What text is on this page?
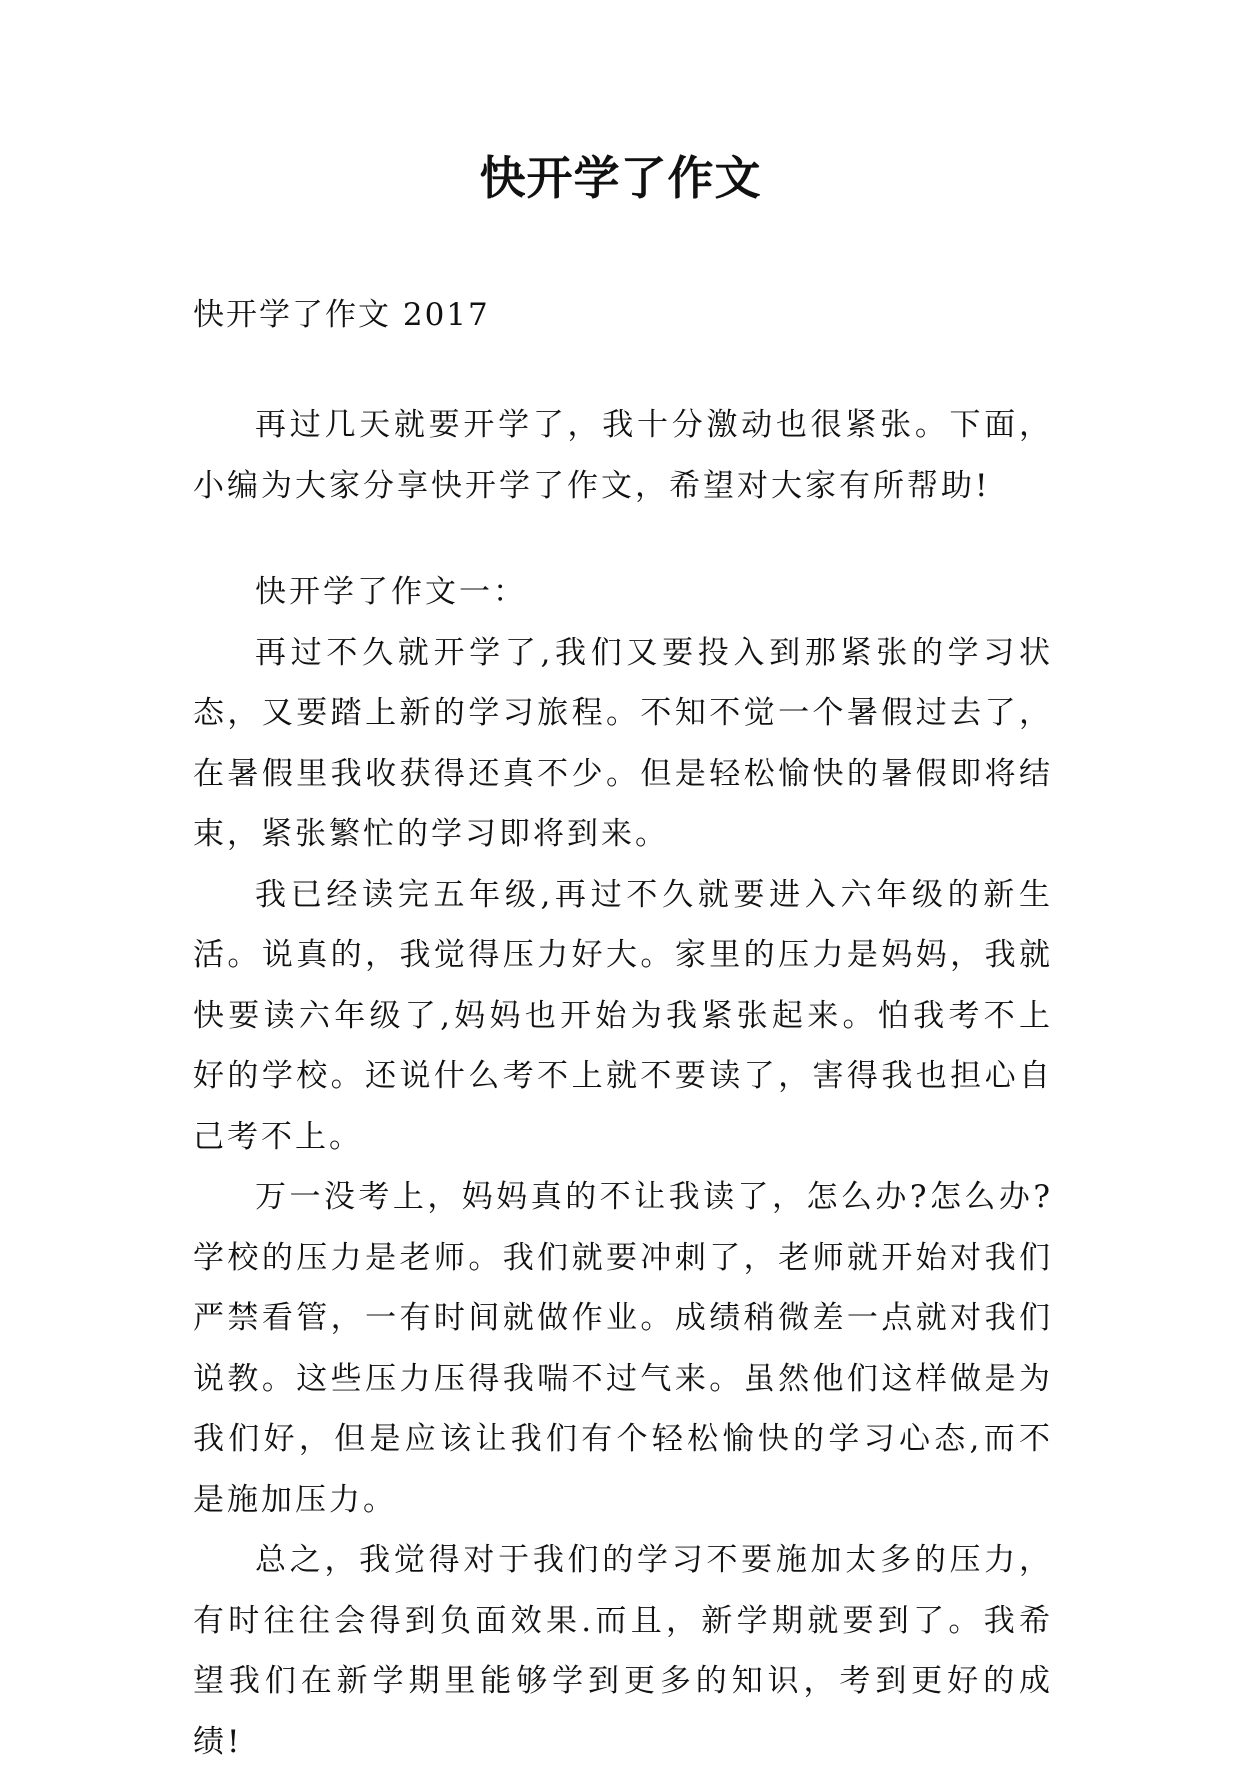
快开学了作文

快开学了作文 2017

再过几天就要开学了，我十分激动也很紧张。下面，小编为大家分享快开学了作文，希望对大家有所帮助!

快开学了作文一：

再过不久就开学了,我们又要投入到那紧张的学习状态，又要踏上新的学习旅程。不知不觉一个暑假过去了，在暑假里我收获得还真不少。但是轻松愉快的暑假即将结束，紧张繁忙的学习即将到来。

我已经读完五年级,再过不久就要进入六年级的新生活。说真的，我觉得压力好大。家里的压力是妈妈，我就快要读六年级了,妈妈也开始为我紧张起来。怕我考不上好的学校。还说什么考不上就不要读了，害得我也担心自己考不上。

万一没考上，妈妈真的不让我读了，怎么办?怎么办?学校的压力是老师。我们就要冲刺了，老师就开始对我们严禁看管，一有时间就做作业。成绩稍微差一点就对我们说教。这些压力压得我喘不过气来。虽然他们这样做是为我们好，但是应该让我们有个轻松愉快的学习心态,而不是施加压力。

总之，我觉得对于我们的学习不要施加太多的压力，有时往往会得到负面效果.而且，新学期就要到了。我希望我们在新学期里能够学到更多的知识，考到更好的成绩!
